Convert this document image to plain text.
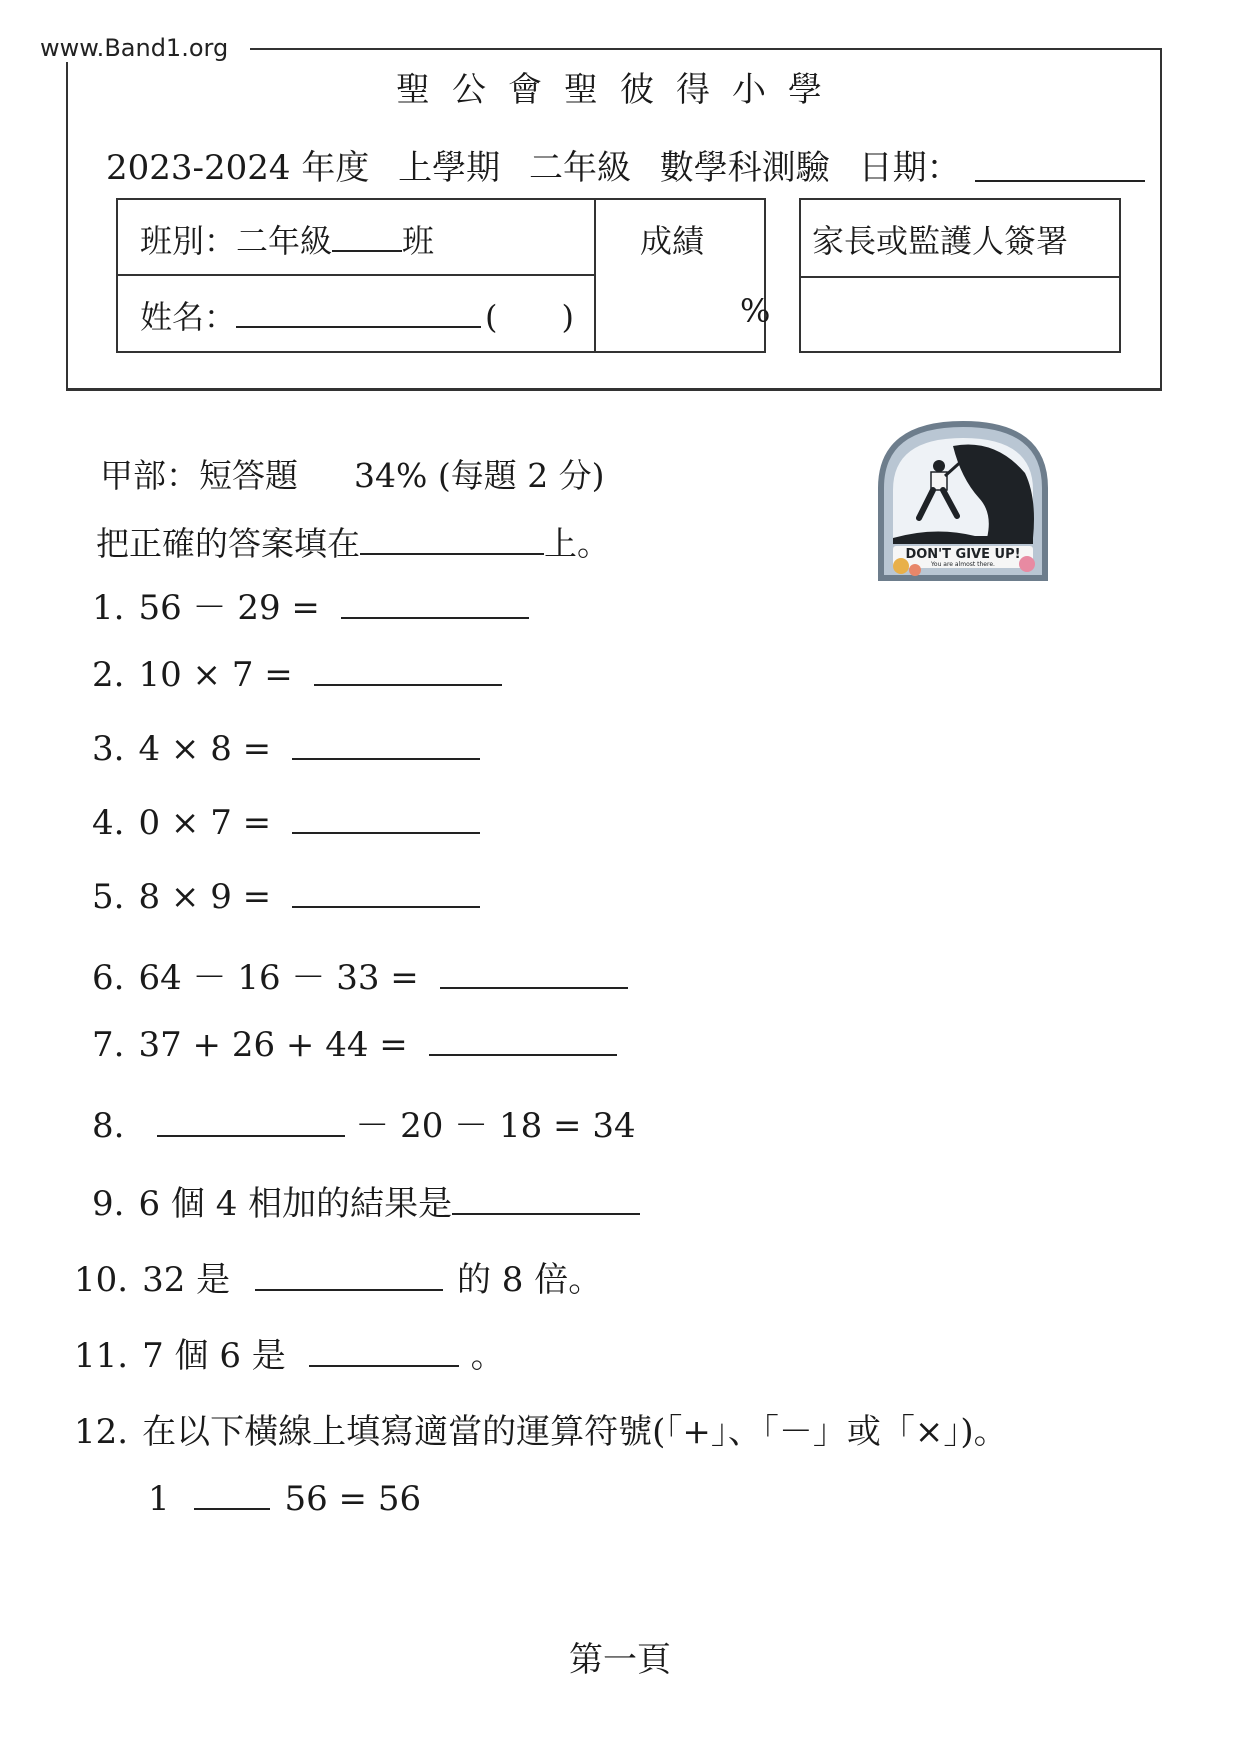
www.Band1.org
聖公會聖彼得小學
2023-2024 年度 上學期 二年級 數學科測驗 日期：
班別：二年級 班
姓名：	(　　)
成績
%
家長或監護人簽署
DON'T GIVE UP!
You are almost there.
甲部：短答題 34% (每題 2 分)
把正確的答案填在	上。
1. 56 － 29 =
2. 10 × 7 =
3. 4 × 8 =
4. 0 × 7 =
5. 8 × 9 =
6. 64 － 16 － 33 =
7. 37 + 26 + 44 =
8.	－ 20 － 18 = 34
9. 6 個 4 相加的結果是
10. 32 是	的 8 倍。
11. 7 個 6 是	。
12. 在以下橫線上填寫適當的運算符號(「+」、「－」或「×」)。
1	56 = 56
第一頁
